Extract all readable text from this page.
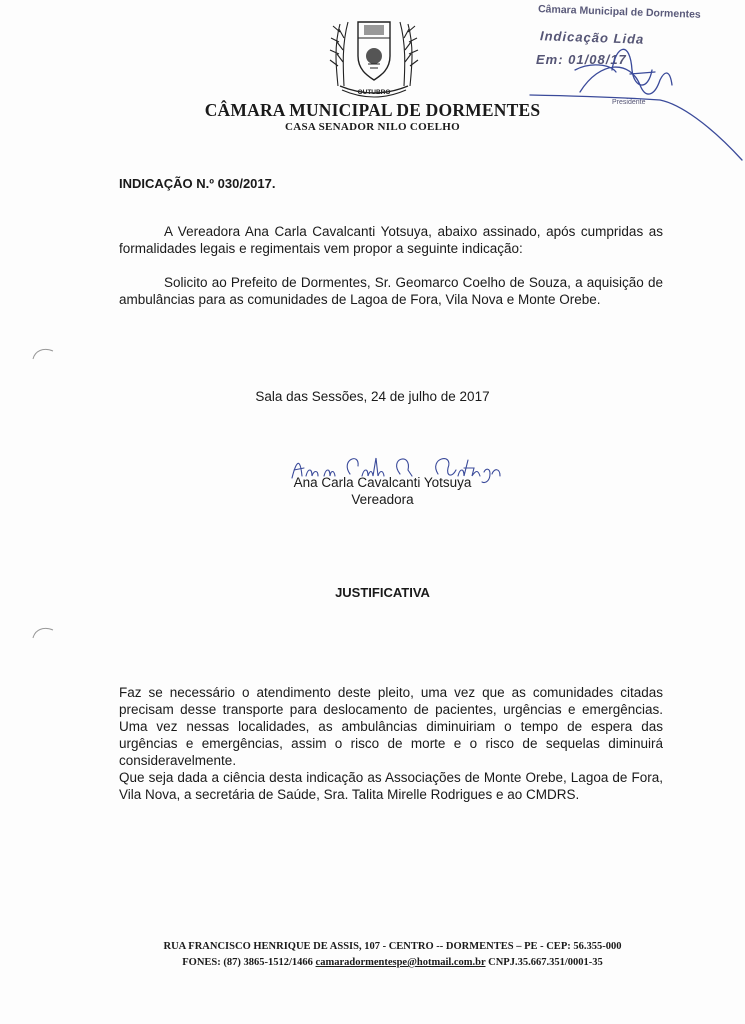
OUTUBRO
CÂMARA MUNICIPAL DE DORMENTES
CASA SENADOR NILO COELHO
Câmara Municipal de Dormentes
Indicação Lida
Em: 01/08/17
Presidente
INDICAÇÃO N.º 030/2017.
A Vereadora Ana Carla Cavalcanti Yotsuya, abaixo assinado, após cumpridas as formalidades legais e regimentais vem propor a seguinte indicação:
Solicito ao Prefeito de Dormentes, Sr. Geomarco Coelho de Souza, a aquisição de ambulâncias para as comunidades de Lagoa de Fora, Vila Nova e Monte Orebe.
Sala das Sessões, 24 de julho de 2017
Ana Carla Cavalcanti Yotsuya
Vereadora
JUSTIFICATIVA
Faz se necessário o atendimento deste pleito, uma vez que as comunidades citadas precisam desse transporte para deslocamento de pacientes, urgências e emergências. Uma vez nessas localidades, as ambulâncias diminuiriam o tempo de espera das urgências e emergências, assim o risco de morte e o risco de sequelas diminuirá consideravelmente.
Que seja dada a ciência desta indicação as Associações de Monte Orebe, Lagoa de Fora, Vila Nova, a secretária de Saúde, Sra. Talita Mirelle Rodrigues e ao CMDRS.
RUA FRANCISCO HENRIQUE DE ASSIS, 107 - CENTRO -- DORMENTES – PE - CEP: 56.355-000
FONES: (87) 3865-1512/1466 camaradormentespe@hotmail.com.br CNPJ.35.667.351/0001-35
